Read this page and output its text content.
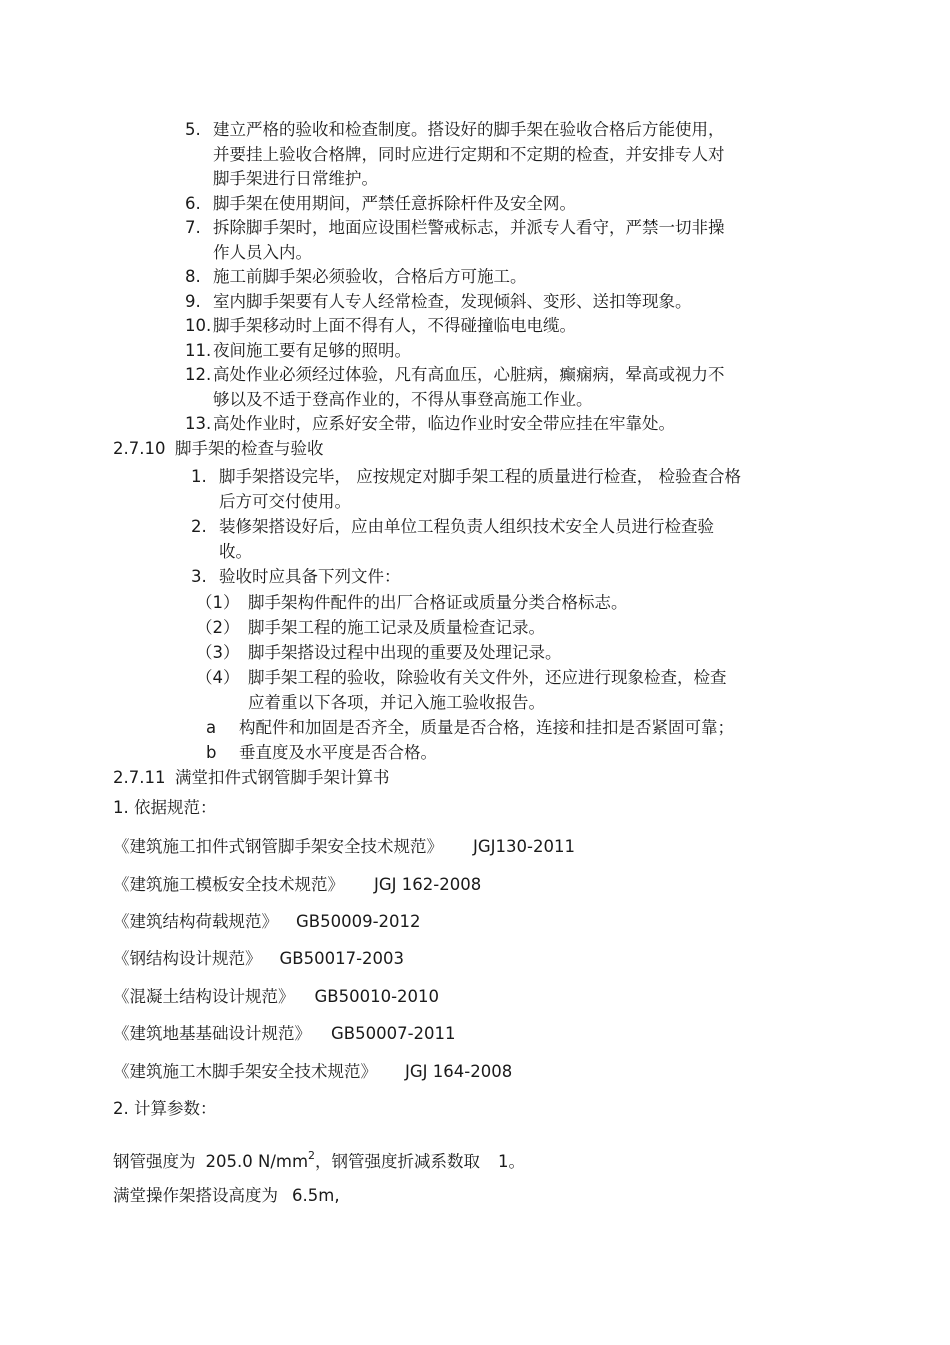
5. 建立严格的验收和检查制度。搭设好的脚手架在验收合格后方能使用，

并要挂上验收合格牌，同时应进行定期和不定期的检查，并安排专人对

脚手架进行日常维护。

6. 脚手架在使用期间，严禁任意拆除杆件及安全网。

7. 拆除脚手架时，地面应设围栏警戒标志，并派专人看守，严禁一切非操

作人员入内。

8. 施工前脚手架必须验收，合格后方可施工。

9. 室内脚手架要有人专人经常检查，发现倾斜、变形、送扣等现象。

10. 脚手架移动时上面不得有人，不得碰撞临电电缆。

11. 夜间施工要有足够的照明。

12. 高处作业必须经过体验，凡有高血压，心脏病，癫痫病，晕高或视力不

够以及不适于登高作业的，不得从事登高施工作业。

13. 高处作业时，应系好安全带，临边作业时安全带应挂在牢靠处。

2.7.10 脚手架的检查与验收

1. 脚手架搭设完毕， 应按规定对脚手架工程的质量进行检查， 检验查合格

后方可交付使用。

2. 装修架搭设好后，应由单位工程负责人组织技术安全人员进行检查验

收。

3. 验收时应具备下列文件：

（1） 脚手架构件配件的出厂合格证或质量分类合格标志。

（2） 脚手架工程的施工记录及质量检查记录。

（3） 脚手架搭设过程中出现的重要及处理记录。

（4） 脚手架工程的验收，除验收有关文件外，还应进行现象检查，检查

应着重以下各项，并记入施工验收报告。

a 构配件和加固是否齐全，质量是否合格，连接和挂扣是否紧固可靠；

b 垂直度及水平度是否合格。

2.7.11 满堂扣件式钢管脚手架计算书

1. 依据规范：

《建筑施工扣件式钢管脚手架安全技术规范》 JGJ130-2011

《建筑施工模板安全技术规范》 JGJ 162-2008

《建筑结构荷载规范》 GB50009-2012

《钢结构设计规范》 GB50017-2003

《混凝土结构设计规范》 GB50010-2010

《建筑地基基础设计规范》 GB50007-2011

《建筑施工木脚手架安全技术规范》 JGJ 164-2008

2. 计算参数：

钢管强度为 205.0 $N/mm^2$，钢管强度折减系数取 1。

满堂操作架搭设高度为 6.5m,
